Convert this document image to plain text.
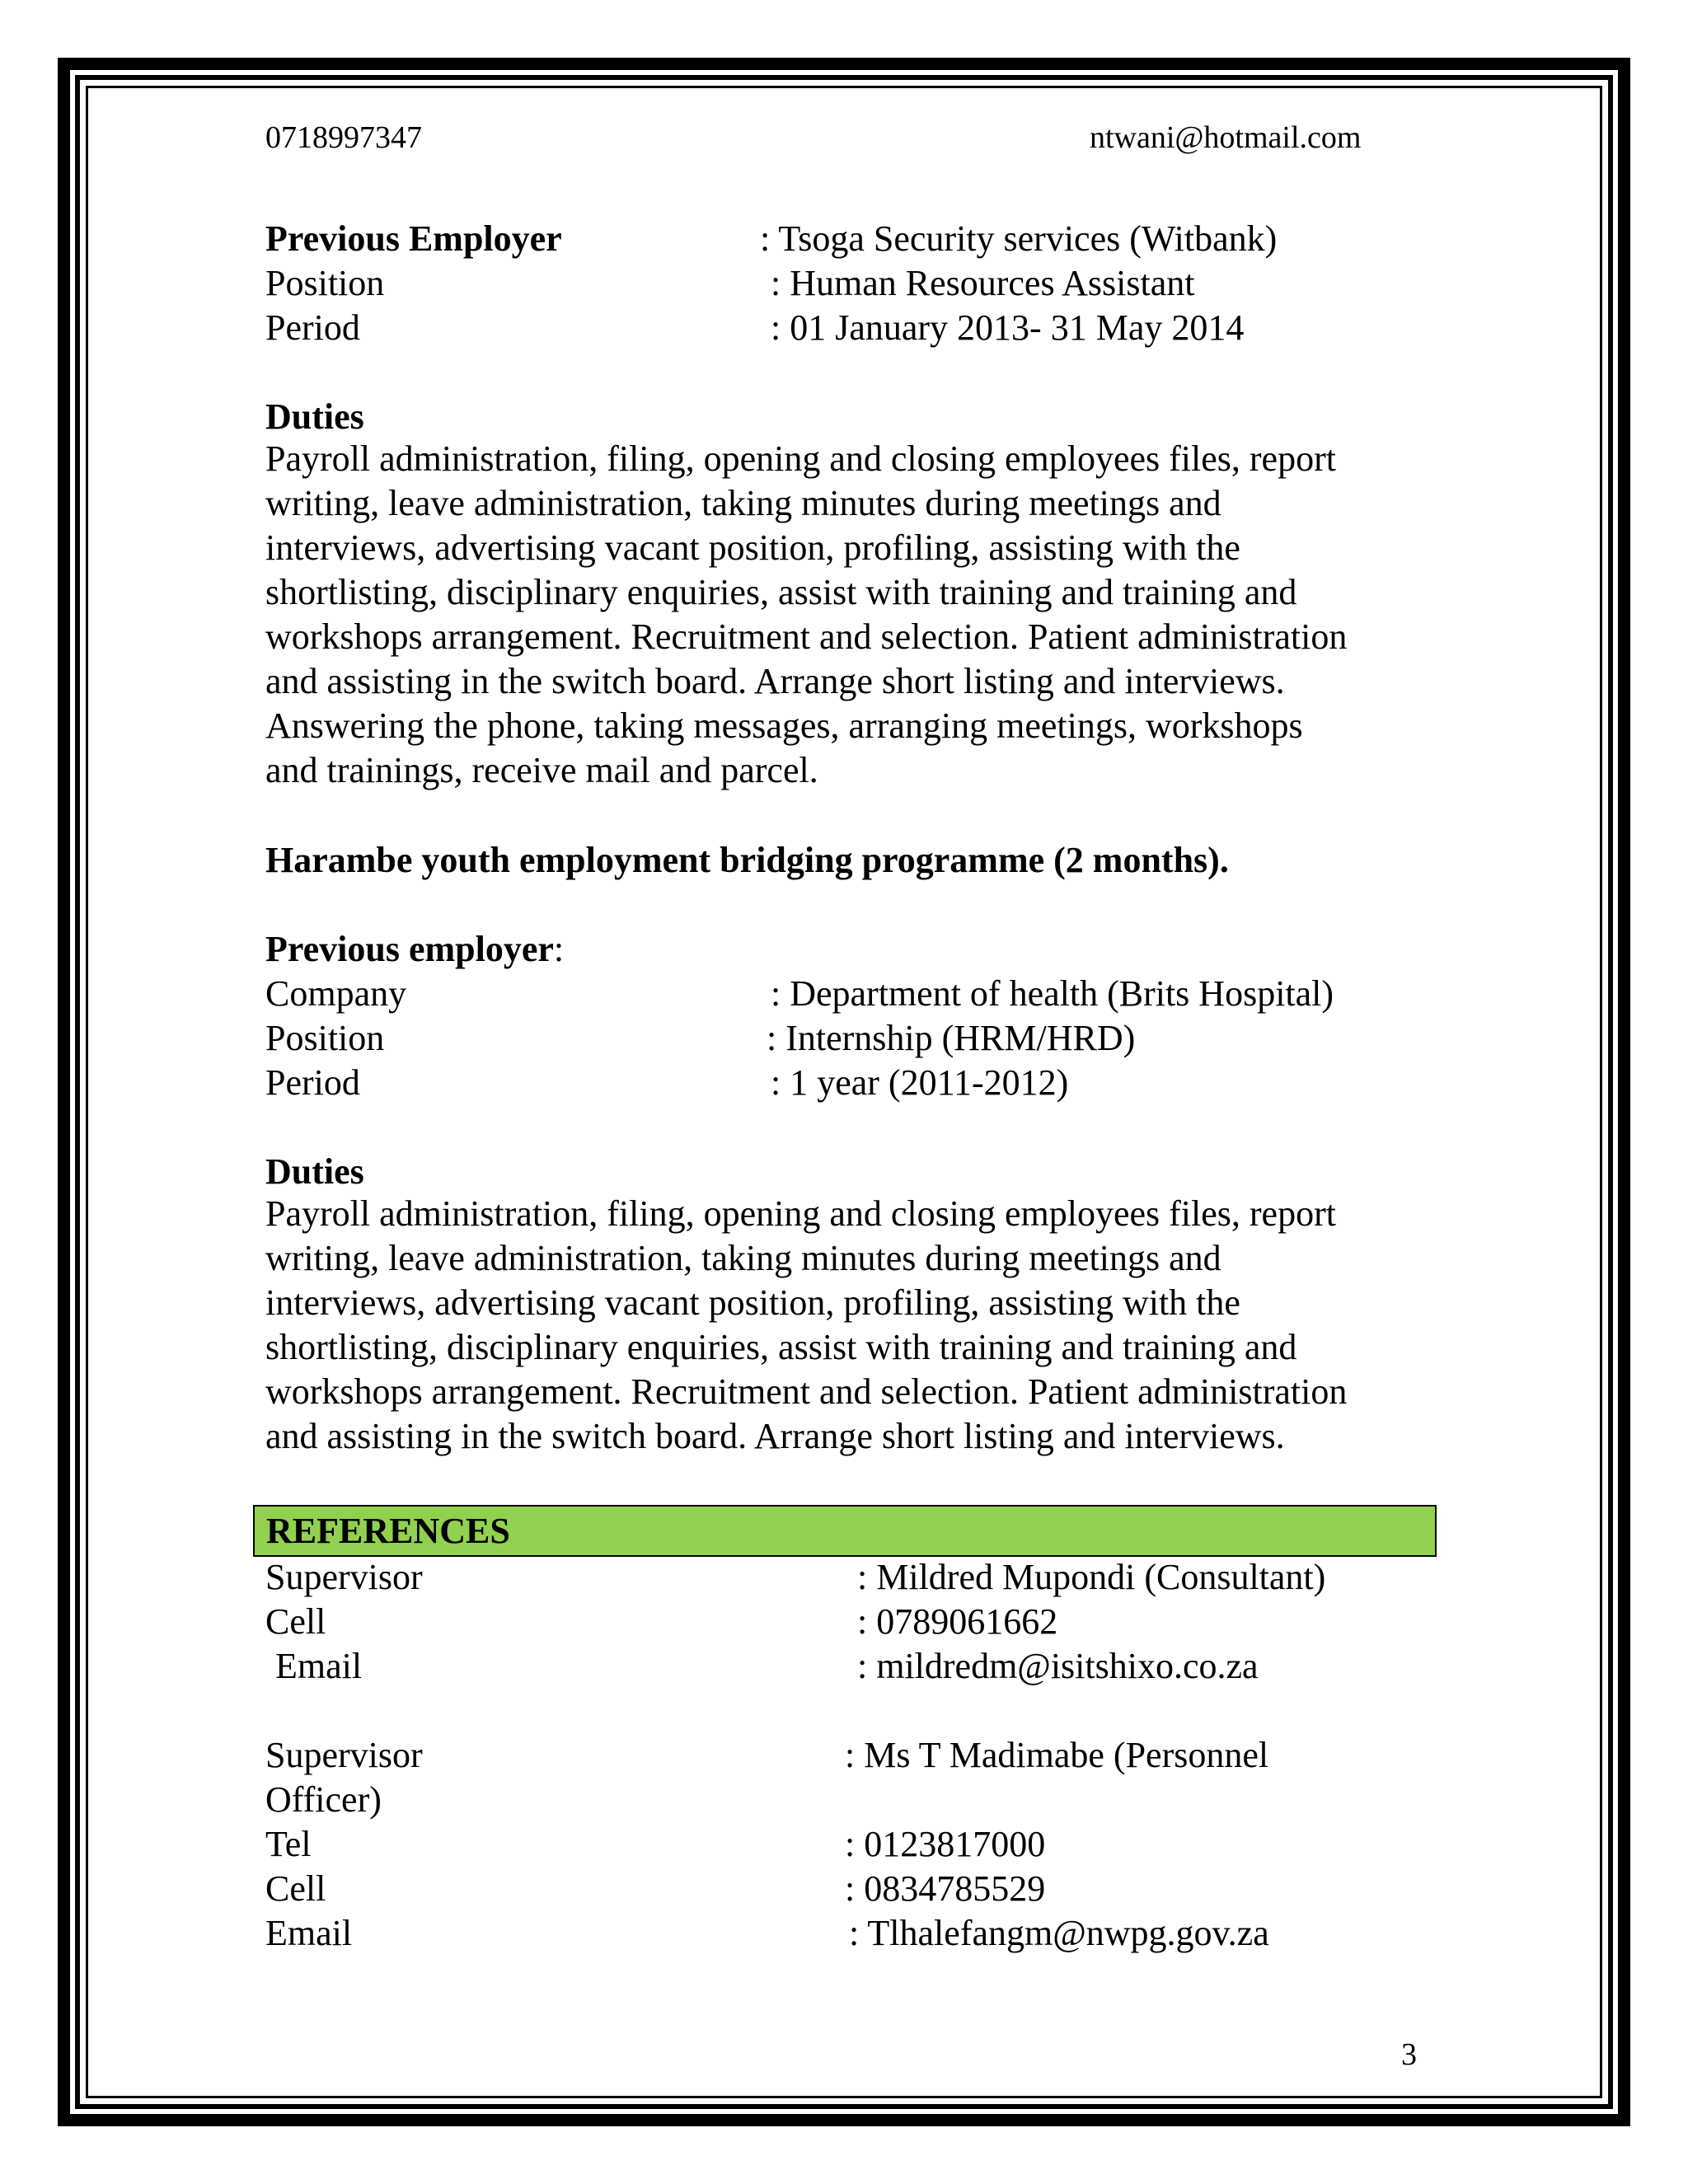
0718997347	ntwani@hotmail.com
Previous Employer	: Tsoga Security services (Witbank)
Position	: Human Resources Assistant
Period	: 01 January 2013- 31 May 2014
Duties

Payroll administration, filing, opening and closing employees files, report
writing, leave administration, taking minutes during meetings and
interviews, advertising vacant position, profiling, assisting with the
shortlisting, disciplinary enquiries, assist with training and training and
workshops arrangement. Recruitment and selection. Patient administration
and assisting in the switch board. Arrange short listing and interviews.
Answering the phone, taking messages, arranging meetings, workshops
and trainings, receive mail and parcel.

Harambe youth employment bridging programme (2 months).
Previous employer:
Company	: Department of health (Brits Hospital)
Position	: Internship (HRM/HRD)
Period	: 1 year (2011-2012)
Duties

Payroll administration, filing, opening and closing employees files, report
writing, leave administration, taking minutes during meetings and
interviews, advertising vacant position, profiling, assisting with the
shortlisting, disciplinary enquiries, assist with training and training and
workshops arrangement. Recruitment and selection. Patient administration
and assisting in the switch board. Arrange short listing and interviews.

REFERENCES
Supervisor	: Mildred Mupondi (Consultant)
Cell	: 0789061662
Email	: mildredm@isitshixo.co.za
Supervisor	: Ms T Madimabe (Personnel
Officer)
Tel	: 0123817000
Cell	: 0834785529
Email	: Tlhalefangm@nwpg.gov.za
3
